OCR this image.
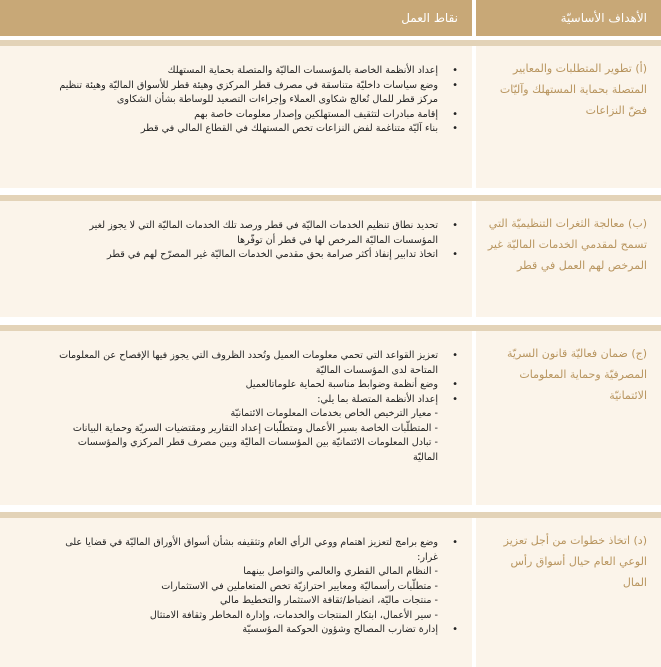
الأهداف الأساسيّة
نقاط العمل
(أ) تطوير المتطلبات والمعايير المتصلة بحماية المستهلك وآليّات فضّ النزاعات
•
إعداد الأنظمة الخاصة بالمؤسسات الماليّة والمتصلة بحماية المستهلك
•
وضع سياسات داخليّة متناسقة في مصرف قطر المركزي وهيئة قطر للأسواق الماليّة وهيئة تنظيم مركز قطر للمال تُعالج شكاوى العملاء وإجراءات التصعيد للوساطة بشأن الشكاوى
•
إقامة مبادرات لتثقيف المستهلكين وإصدار معلومات خاصة بهم
•
بناء آليّة متناغمة لفض النزاعات تخص المستهلك في القطاع المالي في قطر
(ب) معالجة الثغرات التنظيميّة التي تسمح لمقدمي الخدمات الماليّة غير المرخص لهم العمل في قطر
•
تحديد نطاق تنظيم الخدمات الماليّة في قطر ورصد تلك الخدمات الماليّة التي لا يجوز لغير المؤسسات الماليّة المرخص لها في قطر أن توفّرها
•
اتخاذ تدابير إنفاذ أكثر صرامة بحق مقدمي الخدمات الماليّة غير المصرّح لهم في قطر
(ج) ضمان فعاليّة قانون السريّة المصرفيّة وحماية المعلومات الائتمانيّة
•
تعزيز القواعد التي تحمي معلومات العميل وتُحدد الظروف التي يجوز فيها الإفصاح عن المعلومات المتاحة لدى المؤسسات الماليّة
•
وضع أنظمة وضوابط مناسبة لحماية علوماتالعميل
•
إعداد الأنظمة المتصلة بما يلي:
- معيار الترخيص الخاص بخدمات المعلومات الائتمانيّة
- المتطلّبات الخاصة بسير الأعمال ومتطلّبات إعداد التقارير ومقتضيات السريّة وحماية البيانات
- تبادل المعلومات الائتمانيّة بين المؤسسات الماليّة وبين مصرف قطر المركزي والمؤسسات الماليّة
(د) اتخاذ خطوات من أجل تعزيز الوعي العام حيال أسواق رأس المال
•
وضع برامج لتعزيز اهتمام ووعي الرأي العام وتثقيفه بشأن أسواق الأوراق الماليّة في قضايا على غرار:
- النظام المالي القطري والعالمي والتواصل بينهما
- متطلّبات رأسماليّة ومعايير احترازيّة تخص المتعاملين في الاستثمارات
- منتجات ماليّة، انضباط/ثقافة الاستثمار والتخطيط مالي
- سير الأعمال، ابتكار المنتجات والخدمات، وإدارة المخاطر وثقافة الامتثال
•
إدارة تضارب المصالح وشؤون الحوكمة المؤسسيّة
